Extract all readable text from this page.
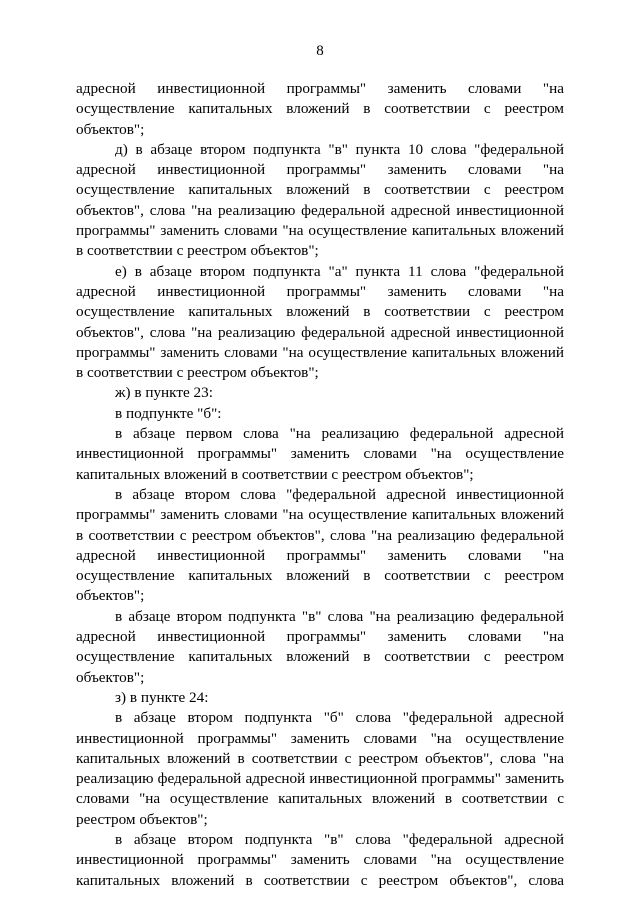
8

адресной инвестиционной программы" заменить словами "на осуществление капитальных вложений в соответствии с реестром объектов";

д) в абзаце втором подпункта "в" пункта 10 слова "федеральной адресной инвестиционной программы" заменить словами "на осуществление капитальных вложений в соответствии с реестром объектов", слова "на реализацию федеральной адресной инвестиционной программы" заменить словами "на осуществление капитальных вложений в соответствии с реестром объектов";

е) в абзаце втором подпункта "а" пункта 11 слова "федеральной адресной инвестиционной программы" заменить словами "на осуществление капитальных вложений в соответствии с реестром объектов", слова "на реализацию федеральной адресной инвестиционной программы" заменить словами "на осуществление капитальных вложений в соответствии с реестром объектов";

ж) в пункте 23:

в подпункте "б":

в абзаце первом слова "на реализацию федеральной адресной инвестиционной программы" заменить словами "на осуществление капитальных вложений в соответствии с реестром объектов";

в абзаце втором слова "федеральной адресной инвестиционной программы" заменить словами "на осуществление капитальных вложений в соответствии с реестром объектов", слова "на реализацию федеральной адресной инвестиционной программы" заменить словами "на осуществление капитальных вложений в соответствии с реестром объектов";

в абзаце втором подпункта "в" слова "на реализацию федеральной адресной инвестиционной программы" заменить словами "на осуществление капитальных вложений в соответствии с реестром объектов";

з) в пункте 24:

в абзаце втором подпункта "б" слова "федеральной адресной инвестиционной программы" заменить словами "на осуществление капитальных вложений в соответствии с реестром объектов", слова "на реализацию федеральной адресной инвестиционной программы" заменить словами "на осуществление капитальных вложений в соответствии с реестром объектов";

в абзаце втором подпункта "в" слова "федеральной адресной инвестиционной программы" заменить словами "на осуществление капитальных вложений в соответствии с реестром объектов", слова
